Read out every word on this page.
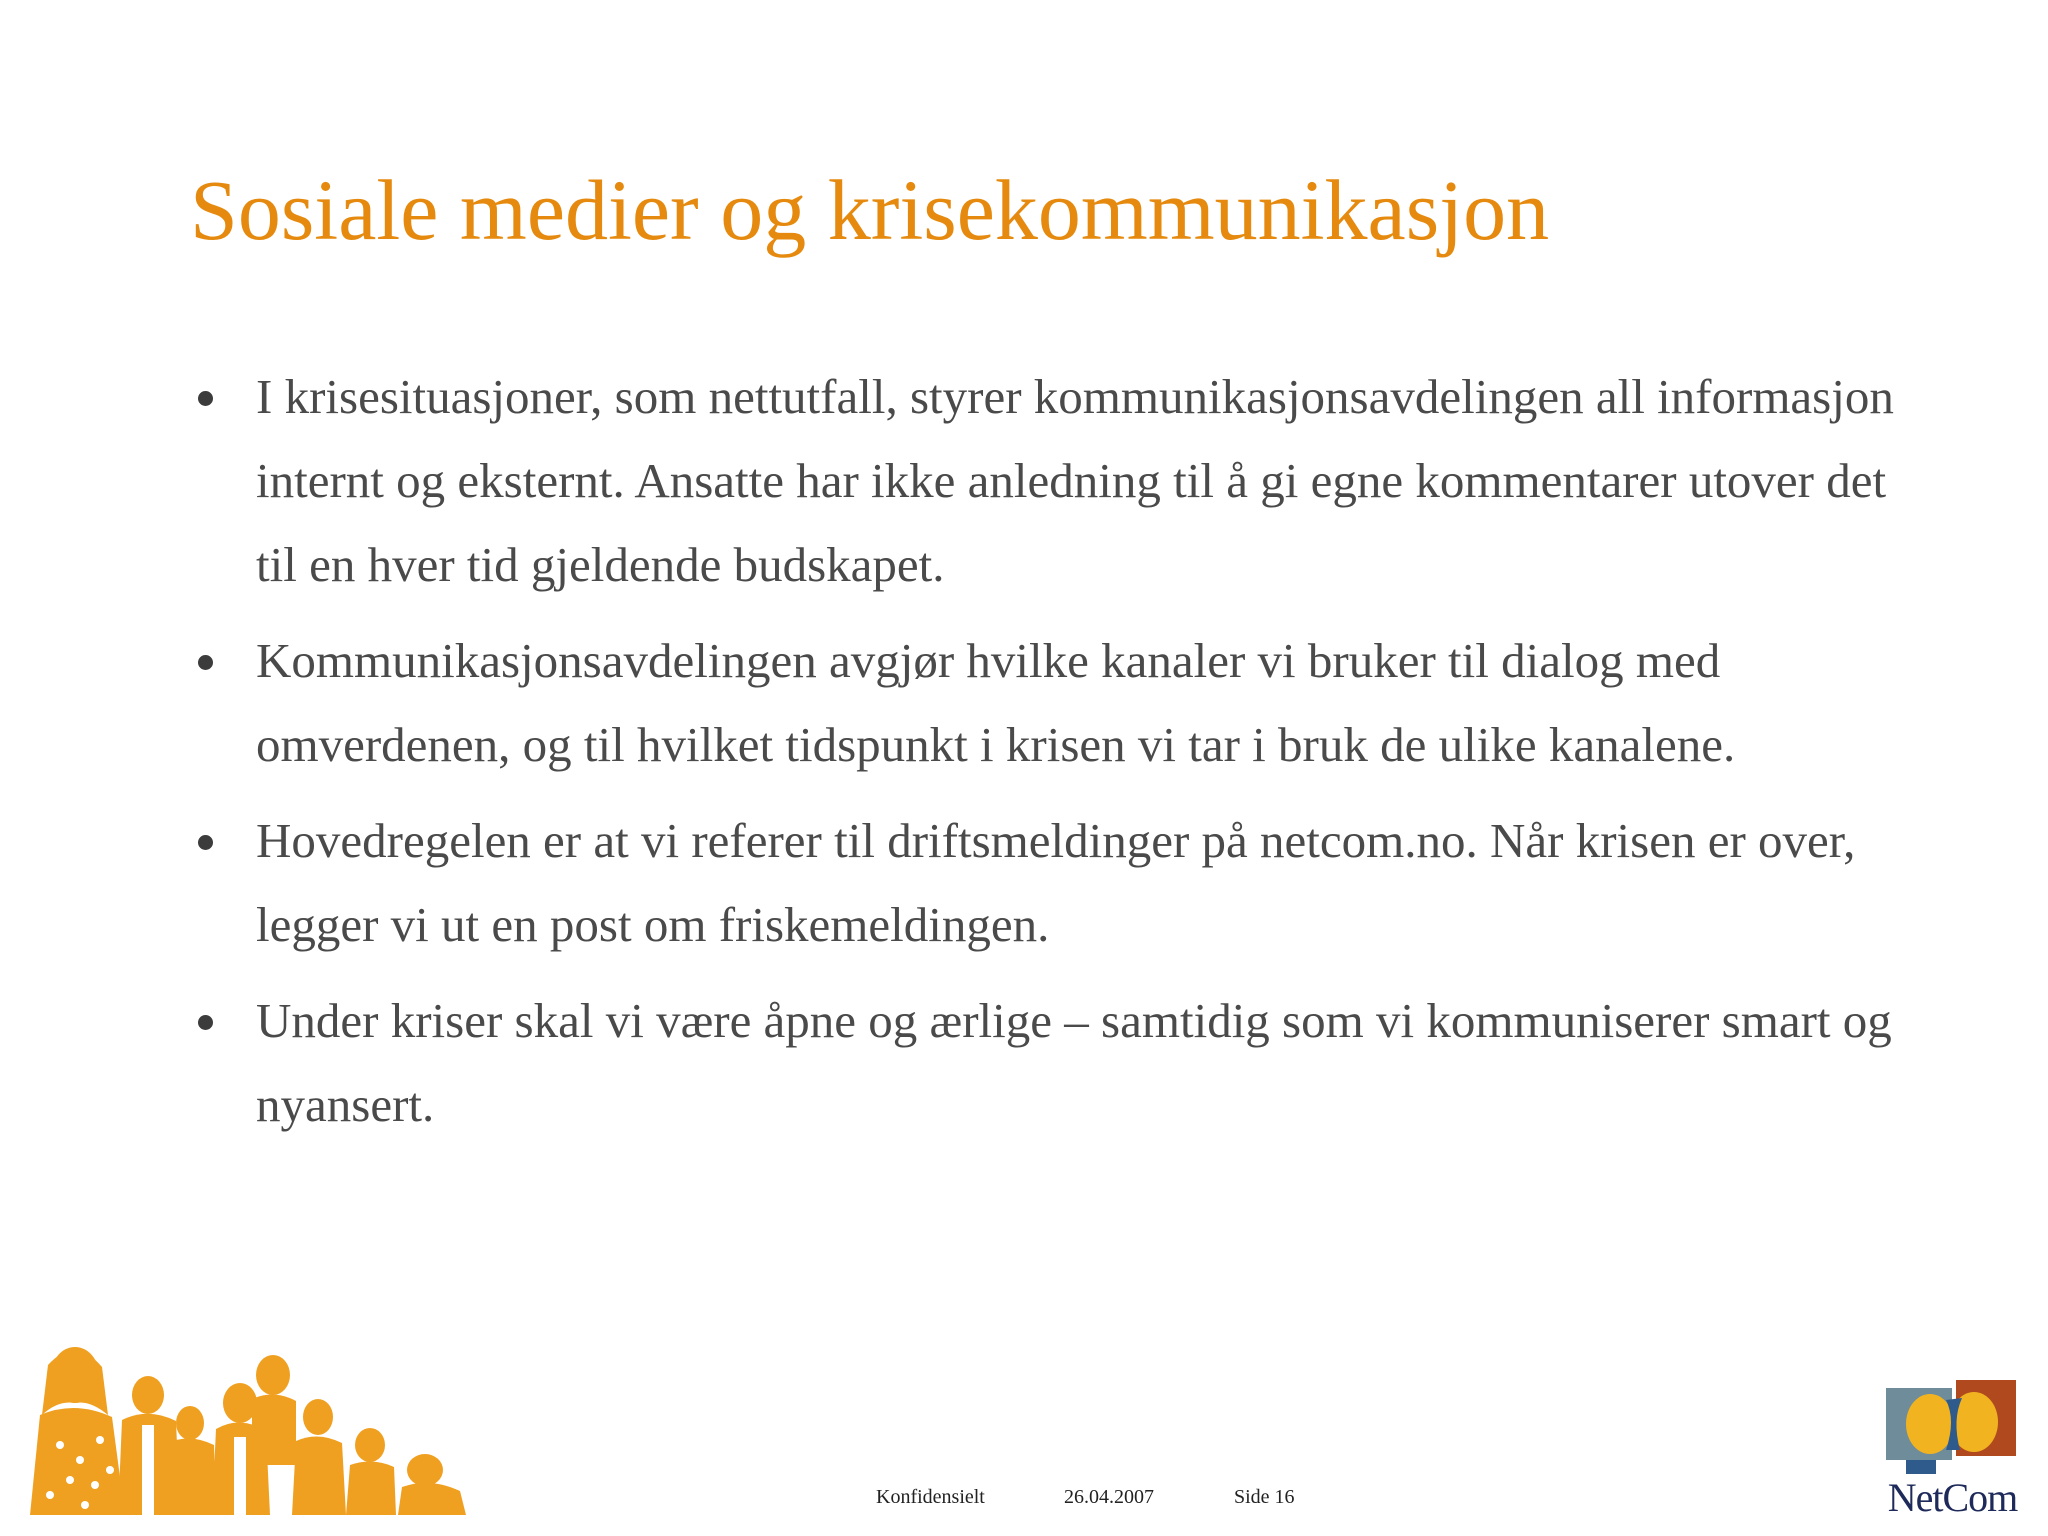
Sosiale medier og krisekommunikasjon
I krisesituasjoner, som nettutfall, styrer kommunikasjonsavdelingen all informasjon internt og eksternt. Ansatte har ikke anledning til å gi egne kommentarer utover det til en hver tid gjeldende budskapet.
Kommunikasjonsavdelingen avgjør hvilke kanaler vi bruker til dialog med omverdenen, og til hvilket tidspunkt i krisen vi tar i bruk de ulike kanalene.
Hovedregelen er at vi referer til driftsmeldinger på netcom.no. Når krisen er over, legger vi ut en post om friskemeldingen.
Under kriser skal vi være åpne og ærlige – samtidig som vi kommuniserer smart og nyansert.
Konfidensielt	26.04.2007	Side 16	NetCom
